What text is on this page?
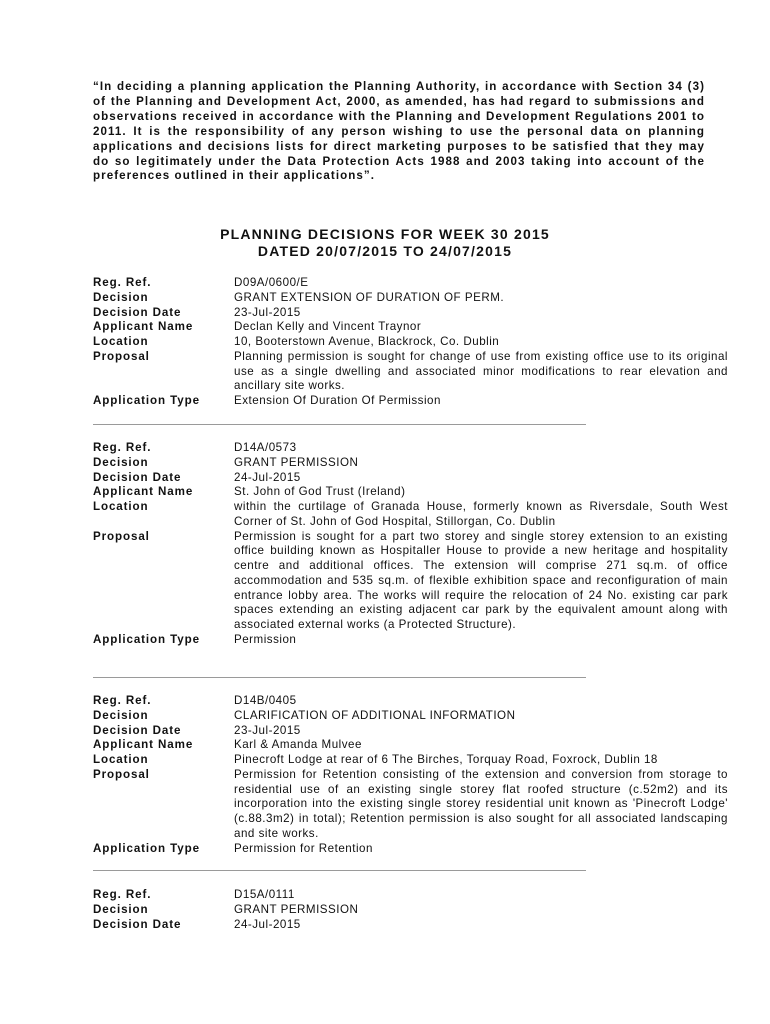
“In deciding a planning application the Planning Authority, in accordance with Section 34 (3) of the Planning and Development Act, 2000, as amended, has had regard to submissions and observations received in accordance with the Planning and Development Regulations 2001 to 2011. It is the responsibility of any person wishing to use the personal data on planning applications and decisions lists for direct marketing purposes to be satisfied that they may do so legitimately under the Data Protection Acts 1988 and 2003 taking into account of the preferences outlined in their applications”.
PLANNING DECISIONS FOR WEEK 30 2015
DATED 20/07/2015 TO 24/07/2015
Reg. Ref.	D09A/0600/E
Decision	GRANT EXTENSION OF DURATION OF PERM.
Decision Date	23-Jul-2015
Applicant Name	Declan Kelly and Vincent Traynor
Location	10, Booterstown Avenue, Blackrock, Co. Dublin
Proposal	Planning permission is sought for change of use from existing office use to its original use as a single dwelling and associated minor modifications to rear elevation and ancillary site works.
Application Type	Extension Of Duration Of Permission
Reg. Ref.	D14A/0573
Decision	GRANT PERMISSION
Decision Date	24-Jul-2015
Applicant Name	St. John of God Trust (Ireland)
Location	within the curtilage of Granada House, formerly known as Riversdale, South West Corner of St. John of God Hospital, Stillorgan, Co. Dublin
Proposal	Permission is sought for a part two storey and single storey extension to an existing office building known as Hospitaller House to provide a new heritage and hospitality centre and additional offices. The extension will comprise 271 sq.m. of office accommodation and 535 sq.m. of flexible exhibition space and reconfiguration of main entrance lobby area. The works will require the relocation of 24 No. existing car park spaces extending an existing adjacent car park by the equivalent amount along with associated external works (a Protected Structure).
Application Type	Permission
Reg. Ref.	D14B/0405
Decision	CLARIFICATION OF ADDITIONAL INFORMATION
Decision Date	23-Jul-2015
Applicant Name	Karl & Amanda Mulvee
Location	Pinecroft Lodge at rear of 6 The Birches, Torquay Road, Foxrock, Dublin 18
Proposal	Permission for Retention consisting of the extension and conversion from storage to residential use of an existing single storey flat roofed structure (c.52m2) and its incorporation into the existing single storey residential unit known as 'Pinecroft Lodge' (c.88.3m2) in total); Retention permission is also sought for all associated landscaping and site works.
Application Type	Permission for Retention
Reg. Ref.	D15A/0111
Decision	GRANT PERMISSION
Decision Date	24-Jul-2015
